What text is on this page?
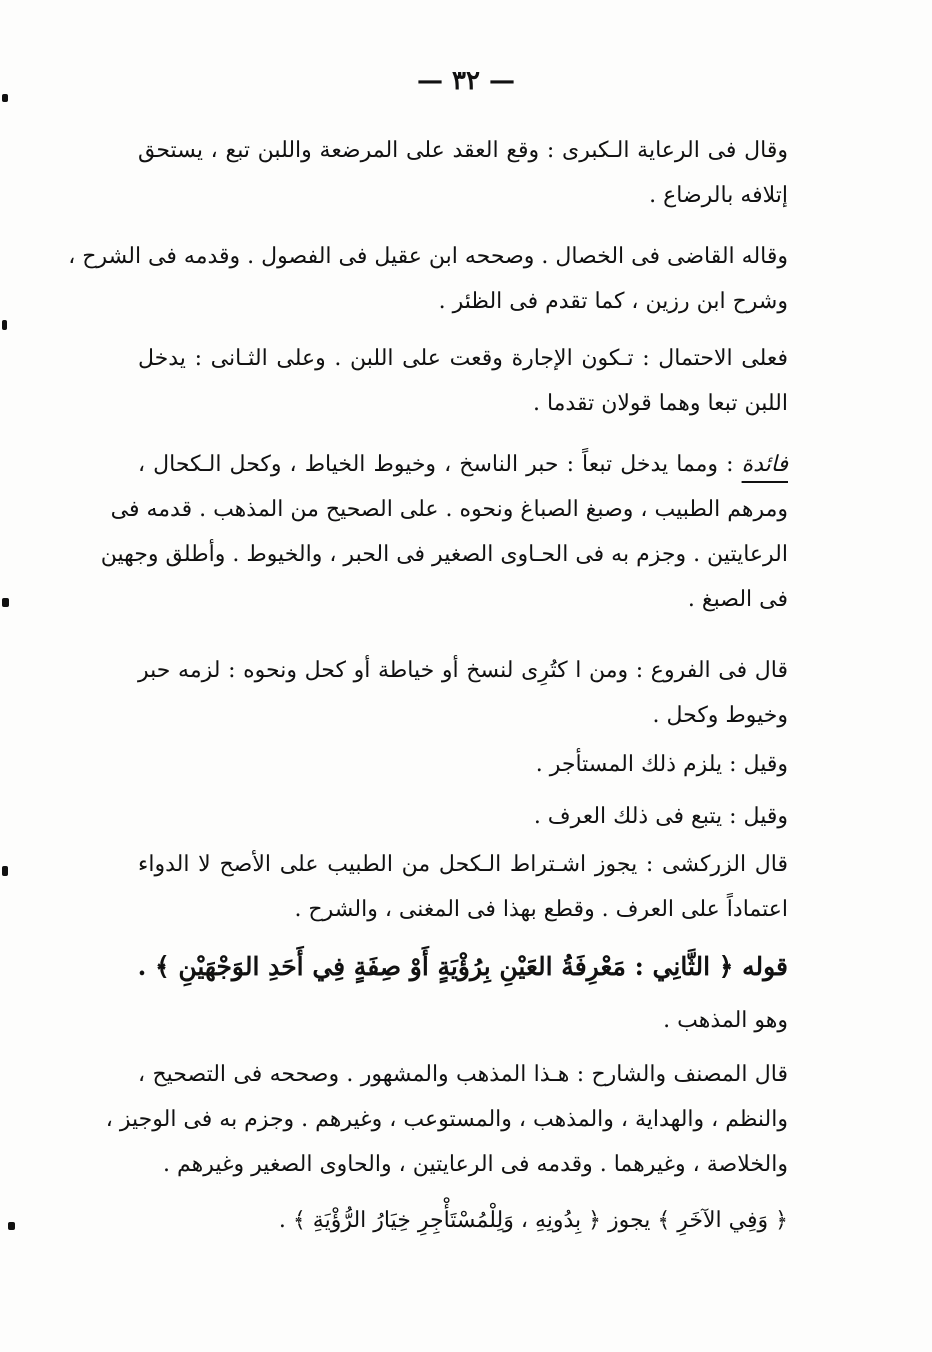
— ٣٢ —
وقال فى الرعاية الـكبرى : وقع العقد على المرضعة واللبن تبع ، يستحق
إتلافه بالرضاع .
وقاله القاضى فى الخصال . وصححه ابن عقيل فى الفصول . وقدمه فى الشرح ،
وشرح ابن رزين ، كما تقدم فى الظئر .
فعلى الاحتمال : تـكون الإجارة وقعت على اللبن . وعلى الثـانى : يدخل
اللبن تبعا وهما قولان تقدما .
فائدة : ومما يدخل تبعاً : حبر الناسخ ، وخيوط الخياط ، وكحل الـكحال ،
ومرهم الطبيب ، وصبغ الصباغ ونحوه . على الصحيح من المذهب . قدمه فى
الرعايتين . وجزم به فى الحـاوى الصغير فى الحبر ، والخيوط . وأطلق وجهين
فى الصبغ .
قال فى الفروع : ومن ا كتُرِى لنسخ أو خياطة أو كحل ونحوه : لزمه حبر
وخيوط وكحل .
وقيل : يلزم ذلك المستأجر .
وقيل : يتبع فى ذلك العرف .
قال الزركشى : يجوز اشـتراط الـكحل من الطبيب على الأصح لا الدواء
اعتماداً على العرف . وقطع بهذا فى المغنى ، والشرح .
قوله ﴿ الثَّانِي : مَعْرِفَةُ العَيْنِ بِرُؤْيَةٍ أَوْ صِفَةٍ فِي أَحَدِ الوَجْهَيْنِ ﴾ .
وهو المذهب .
قال المصنف والشارح : هـذا المذهب والمشهور . وصححه فى التصحيح ،
والنظم ، والهداية ، والمذهب ، والمستوعب ، وغيرهم . وجزم به فى الوجيز ،
والخلاصة ، وغيرهما . وقدمه فى الرعايتين ، والحاوى الصغير وغيرهم .
﴿ وَفِي الآخَرِ ﴾ يجوز ﴿ بِدُونِهِ ، وَلِلْمُسْتَأْجِرِ خِيَارُ الرُّؤْيَةِ ﴾ .
